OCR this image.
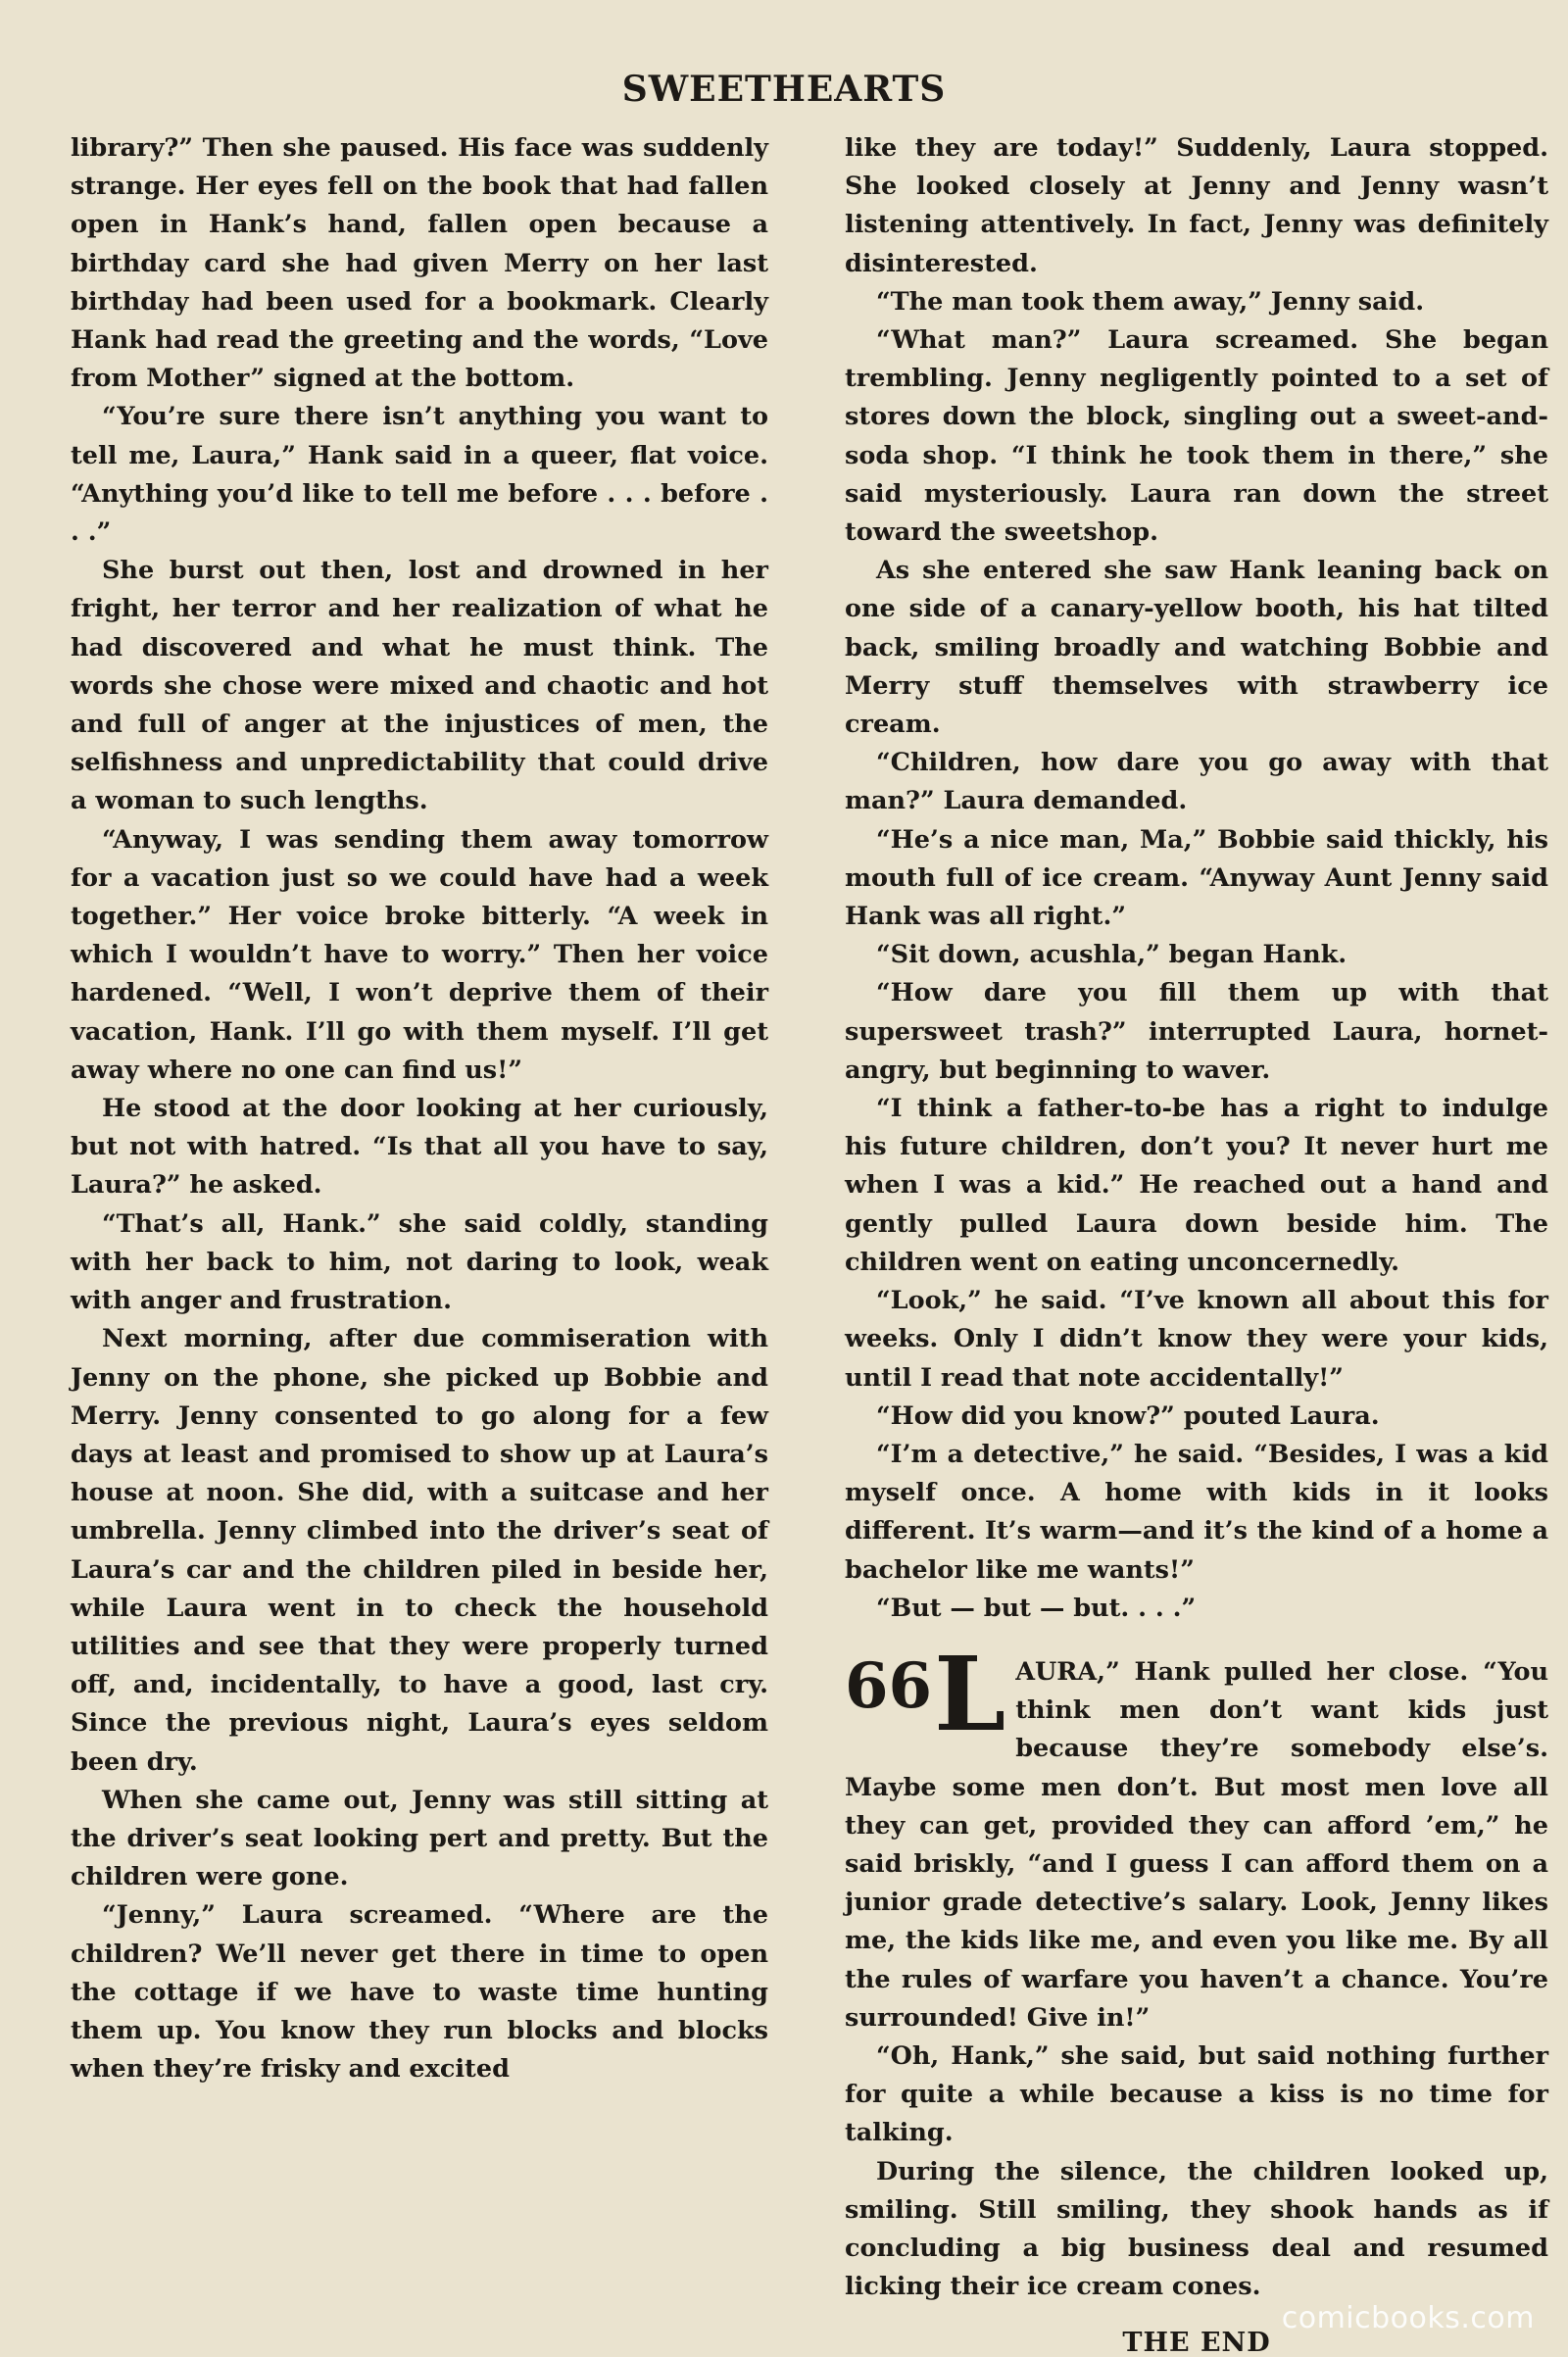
SWEETHEARTS

library?” Then she paused. His face was suddenly strange. Her eyes fell on the book that had fallen open in Hank’s hand, fallen open because a birthday card she had given Merry on her last birthday had been used for a bookmark. Clearly Hank had read the greeting and the words, “Love from Mother” signed at the bottom.

“You’re sure there isn’t anything you want to tell me, Laura,” Hank said in a queer, flat voice. “Anything you’d like to tell me before . . . before . . .”

She burst out then, lost and drowned in her fright, her terror and her realization of what he had discovered and what he must think. The words she chose were mixed and chaotic and hot and full of anger at the injustices of men, the selfishness and unpredictability that could drive a woman to such lengths.

“Anyway, I was sending them away tomorrow for a vacation just so we could have had a week together.” Her voice broke bitterly. “A week in which I wouldn’t have to worry.” Then her voice hardened. “Well, I won’t deprive them of their vacation, Hank. I’ll go with them myself. I’ll get away where no one can find us!”

He stood at the door looking at her curiously, but not with hatred. “Is that all you have to say, Laura?” he asked.

“That’s all, Hank.” she said coldly, standing with her back to him, not daring to look, weak with anger and frustration.

Next morning, after due commiseration with Jenny on the phone, she picked up Bobbie and Merry. Jenny consented to go along for a few days at least and promised to show up at Laura’s house at noon. She did, with a suitcase and her umbrella. Jenny climbed into the driver’s seat of Laura’s car and the children piled in beside her, while Laura went in to check the household utilities and see that they were properly turned off, and, incidentally, to have a good, last cry. Since the previous night, Laura’s eyes seldom been dry.

When she came out, Jenny was still sitting at the driver’s seat looking pert and pretty. But the children were gone.

“Jenny,” Laura screamed. “Where are the children? We’ll never get there in time to open the cottage if we have to waste time hunting them up. You know they run blocks and blocks when they’re frisky and excited

like they are today!” Suddenly, Laura stopped. She looked closely at Jenny and Jenny wasn’t listening attentively. In fact, Jenny was definitely disinterested.

“The man took them away,” Jenny said.

“What man?” Laura screamed. She began trembling. Jenny negligently pointed to a set of stores down the block, singling out a sweet-and-soda shop. “I think he took them in there,” she said mysteriously. Laura ran down the street toward the sweetshop.

As she entered she saw Hank leaning back on one side of a canary-yellow booth, his hat tilted back, smiling broadly and watching Bobbie and Merry stuff themselves with strawberry ice cream.

“Children, how dare you go away with that man?” Laura demanded.

“He’s a nice man, Ma,” Bobbie said thickly, his mouth full of ice cream. “Anyway Aunt Jenny said Hank was all right.”

“Sit down, acushla,” began Hank.

“How dare you fill them up with that supersweet trash?” interrupted Laura, hornet-angry, but beginning to waver.

“I think a father-to-be has a right to indulge his future children, don’t you? It never hurt me when I was a kid.” He reached out a hand and gently pulled Laura down beside him. The children went on eating unconcernedly.

“Look,” he said. “I’ve known all about this for weeks. Only I didn’t know they were your kids, until I read that note accidentally!”

“How did you know?” pouted Laura.

“I’m a detective,” he said. “Besides, I was a kid myself once. A home with kids in it looks different. It’s warm—and it’s the kind of a home a bachelor like me wants!”

“But — but — but. . . .”

66 L AURA,” Hank pulled her close. “You think men don’t want kids just because they’re somebody else’s. Maybe some men don’t. But most men love all they can get, provided they can afford ’em,” he said briskly, “and I guess I can afford them on a junior grade detective’s salary. Look, Jenny likes me, the kids like me, and even you like me. By all the rules of warfare you haven’t a chance. You’re surrounded! Give in!”

“Oh, Hank,” she said, but said nothing further for quite a while because a kiss is no time for talking.

During the silence, the children looked up, smiling. Still smiling, they shook hands as if concluding a big business deal and resumed licking their ice cream cones.

THE END
comicbooks.com
